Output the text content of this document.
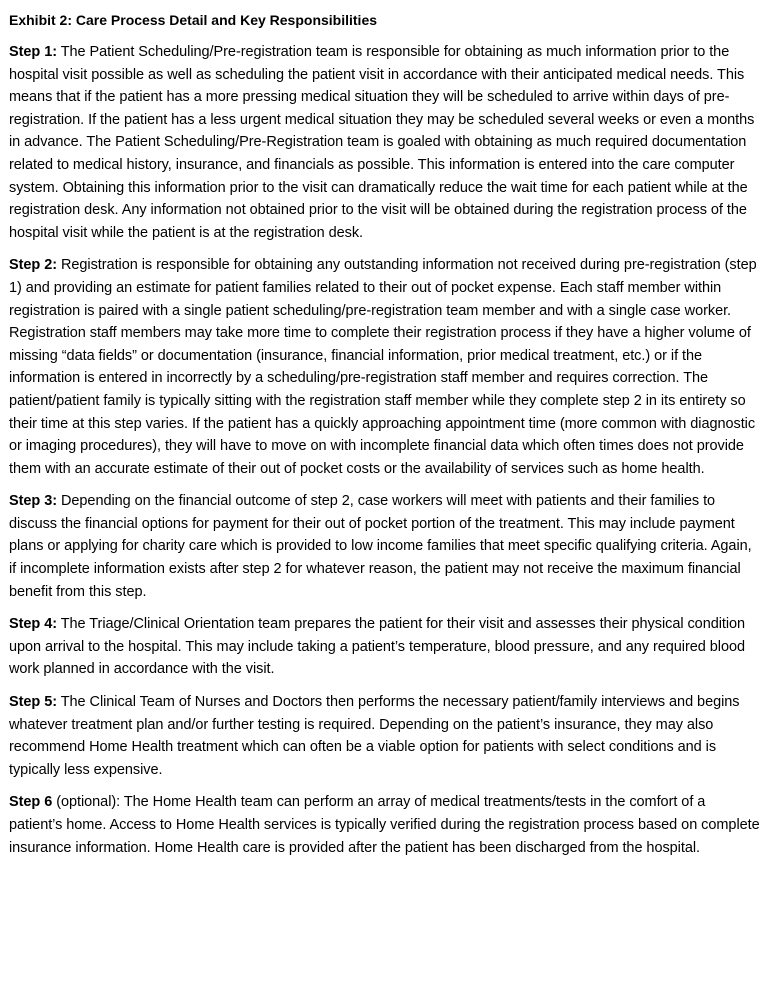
Exhibit 2: Care Process Detail and Key Responsibilities

Step 1: The Patient Scheduling/Pre-registration team is responsible for obtaining as much information prior to the hospital visit possible as well as scheduling the patient visit in accordance with their anticipated medical needs. This means that if the patient has a more pressing medical situation they will be scheduled to arrive within days of pre-registration. If the patient has a less urgent medical situation they may be scheduled several weeks or even a months in advance. The Patient Scheduling/Pre-Registration team is goaled with obtaining as much required documentation related to medical history, insurance, and financials as possible. This information is entered into the care computer system. Obtaining this information prior to the visit can dramatically reduce the wait time for each patient while at the registration desk. Any information not obtained prior to the visit will be obtained during the registration process of the hospital visit while the patient is at the registration desk.

Step 2: Registration is responsible for obtaining any outstanding information not received during pre-registration (step 1) and providing an estimate for patient families related to their out of pocket expense. Each staff member within registration is paired with a single patient scheduling/pre-registration team member and with a single case worker. Registration staff members may take more time to complete their registration process if they have a higher volume of missing “data fields” or documentation (insurance, financial information, prior medical treatment, etc.) or if the information is entered in incorrectly by a scheduling/pre-registration staff member and requires correction. The patient/patient family is typically sitting with the registration staff member while they complete step 2 in its entirety so their time at this step varies. If the patient has a quickly approaching appointment time (more common with diagnostic or imaging procedures), they will have to move on with incomplete financial data which often times does not provide them with an accurate estimate of their out of pocket costs or the availability of services such as home health.

Step 3: Depending on the financial outcome of step 2, case workers will meet with patients and their families to discuss the financial options for payment for their out of pocket portion of the treatment. This may include payment plans or applying for charity care which is provided to low income families that meet specific qualifying criteria. Again, if incomplete information exists after step 2 for whatever reason, the patient may not receive the maximum financial benefit from this step.

Step 4: The Triage/Clinical Orientation team prepares the patient for their visit and assesses their physical condition upon arrival to the hospital. This may include taking a patient’s temperature, blood pressure, and any required blood work planned in accordance with the visit.

Step 5: The Clinical Team of Nurses and Doctors then performs the necessary patient/family interviews and begins whatever treatment plan and/or further testing is required. Depending on the patient’s insurance, they may also recommend Home Health treatment which can often be a viable option for patients with select conditions and is typically less expensive.

Step 6 (optional): The Home Health team can perform an array of medical treatments/tests in the comfort of a patient’s home. Access to Home Health services is typically verified during the registration process based on complete insurance information. Home Health care is provided after the patient has been discharged from the hospital.
